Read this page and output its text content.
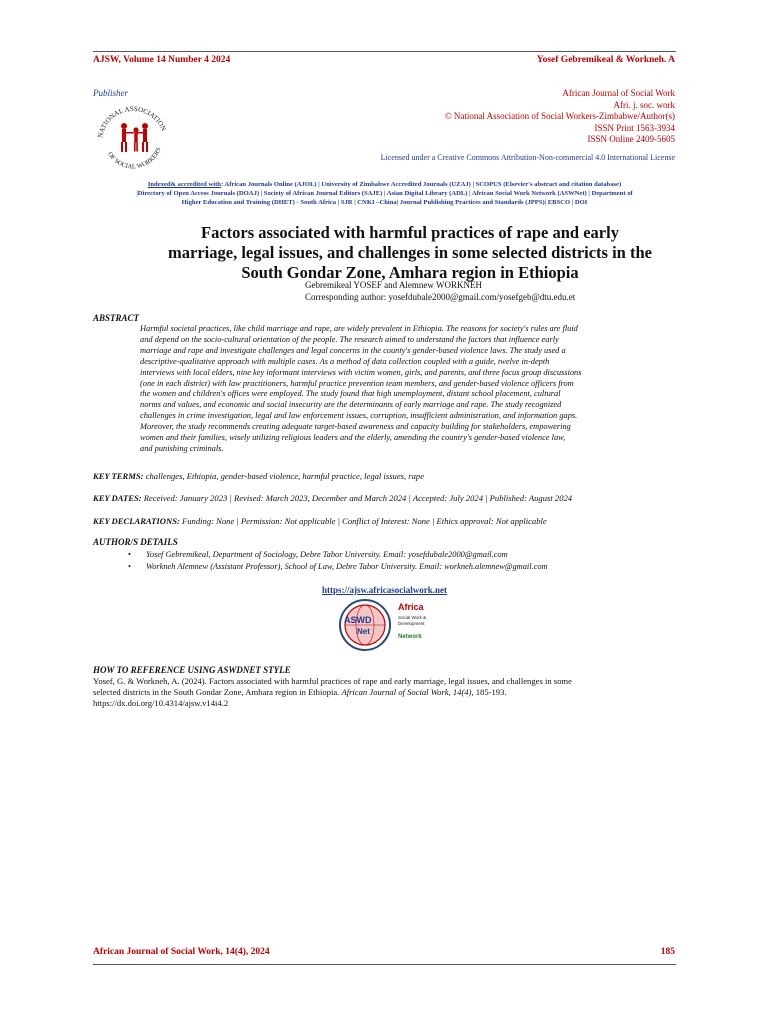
AJSW, Volume 14 Number 4 2024	Yosef Gebremikeal & Workneh. A
Publisher
NATIONAL ASSOCIATION
OF SOCIAL WORKERS
African Journal of Social Work
Afri. j. soc. work
© National Association of Social Workers-Zimbabwe/Author(s)
ISSN Print 1563-3934
ISSN Online 2409-5605
Licensed under a Creative Commons Attribution-Non-commercial 4.0 International License
Indexed& accredited with: African Journals Online (AJOL) | University of Zimbabwe Accredited Journals (UZAJ) | SCOPUS (Elsevier's abstract and citation database)
|Directory of Open Access Journals (DOAJ) | Society of African Journal Editors (SAJE) | Asian Digital Library (ADL) | African Social Work Network (ASWNet) | Department of
Higher Education and Training (DHET) - South Africa | SJR | CNKI –China| Journal Publishing Practices and Standards (JPPS)| EBSCO | DOI
Factors associated with harmful practices of rape and early
marriage, legal issues, and challenges in some selected districts in the
South Gondar Zone, Amhara region in Ethiopia
Gebremikeal YOSEF and Alemnew WORKNEH
Corresponding author: yosefdubale2000@gmail.com/yosefgeb@dtu.edu.et
ABSTRACT
Harmful societal practices, like child marriage and rape, are widely prevalent in Ethiopia. The reasons for society's rules are fluid
and depend on the socio-cultural orientation of the people. The research aimed to understand the factors that influence early
marriage and rape and investigate challenges and legal concerns in the county's gender-based violence laws. The study used a
descriptive-qualitative approach with multiple cases. As a method of data collection coupled with a guide, twelve in-depth
interviews with local elders, nine key informant interviews with victim women, girls, and parents, and three focus group discussions
(one in each district) with law practitioners, harmful practice prevention team members, and gender-based violence officers from
the women and children's offices were employed. The study found that high unemployment, distant school placement, cultural
norms and values, and economic and social insecurity are the determinants of early marriage and rape. The study recognized
challenges in crime investigation, legal and law enforcement issues, corruption, insufficient administration, and information gaps.
Moreover, the study recommends creating adequate target-based awareness and capacity building for stakeholders, empowering
women and their families, wisely utilizing religious leaders and the elderly, amending the country's gender-based violence law,
and punishing criminals.
KEY TERMS: challenges, Ethiopia, gender-based violence, harmful practice, legal issues, rape
KEY DATES: Received: January 2023 | Revised: March 2023, December and March 2024 | Accepted: July 2024 | Published: August 2024
KEY DECLARATIONS: Funding: None | Permission: Not applicable | Conflict of Interest: None | Ethics approval: Not applicable
AUTHOR/S DETAILS
• Yosef Gebremikeal, Department of Sociology, Debre Tabor University. Email: yosefdubale2000@gmail.com
• Workneh Alemnew (Assistant Professor), School of Law, Debre Tabor University. Email: workneh.alemnew@gmail.com
https://ajsw.africasocialwork.net
ASWD
Net
Africa
Social Work & Development
Network
HOW TO REFERENCE USING ASWDNET STYLE
Yosef, G. & Workneh, A. (2024). Factors associated with harmful practices of rape and early marriage, legal issues, and challenges in some
selected districts in the South Gondar Zone, Amhara region in Ethiopia. African Journal of Social Work, 14(4), 185-193.
https://dx.doi.org/10.4314/ajsw.v14i4.2
African Journal of Social Work, 14(4), 2024	185
